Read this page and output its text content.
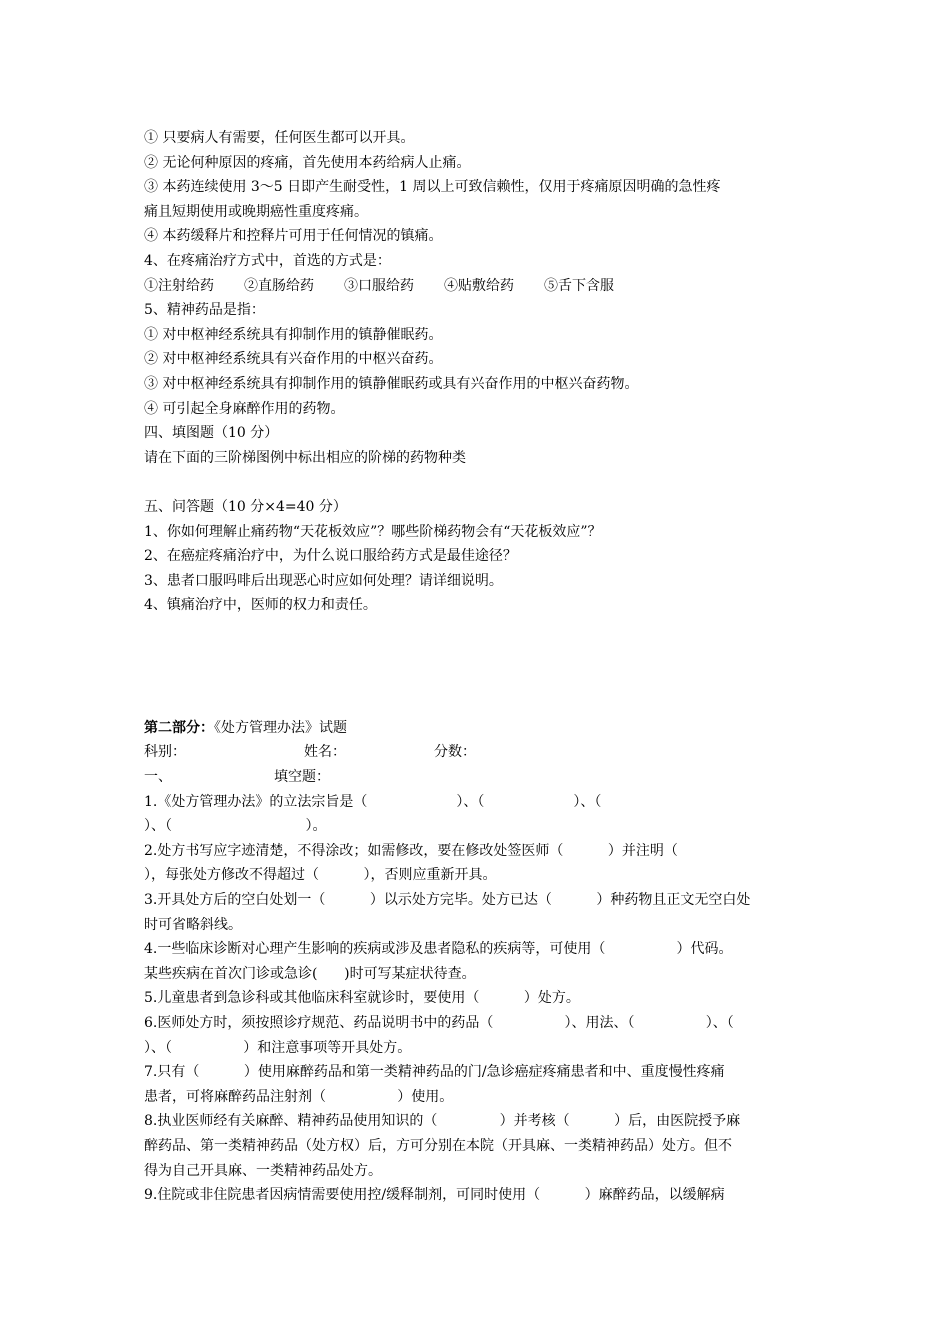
① 只要病人有需要，任何医生都可以开具。
② 无论何种原因的疼痛，首先使用本药给病人止痛。
③ 本药连续使用 3～5 日即产生耐受性，1 周以上可致信赖性，仅用于疼痛原因明确的急性疼
痛且短期使用或晚期癌性重度疼痛。
④ 本药缓释片和控释片可用于任何情况的镇痛。
4、在疼痛治疗方式中，首选的方式是：
①注射给药 ②直肠给药 ③口服给药 ④贴敷给药 ⑤舌下含服
5、精神药品是指：
① 对中枢神经系统具有抑制作用的镇静催眠药。
② 对中枢神经系统具有兴奋作用的中枢兴奋药。
③ 对中枢神经系统具有抑制作用的镇静催眠药或具有兴奋作用的中枢兴奋药物。
④ 可引起全身麻醉作用的药物。
四、填图题（10 分）
请在下面的三阶梯图例中标出相应的阶梯的药物种类
五、问答题（10 分×4=40 分）
1、你如何理解止痛药物“天花板效应”？哪些阶梯药物会有“天花板效应”？
2、在癌症疼痛治疗中，为什么说口服给药方式是最佳途径？
3、患者口服吗啡后出现恶心时应如何处理？请详细说明。
4、镇痛治疗中，医师的权力和责任。
第二部分：《处方管理办法》试题
科别：	姓名：	分数：
一、	填空题：
1.《处方管理办法》的立法宗旨是（                    ）、（                    ）、（
）、（                              ）。
2.处方书写应字迹清楚，不得涂改；如需修改，要在修改处签医师（          ）并注明（
），每张处方修改不得超过（          ），否则应重新开具。
3.开具处方后的空白处划一（          ）以示处方完毕。处方已达（          ）种药物且正文无空白处
时可省略斜线。
4.一些临床诊断对心理产生影响的疾病或涉及患者隐私的疾病等，可使用（                ）代码。
某些疾病在首次门诊或急诊(      )时可写某症状待查。
5.儿童患者到急诊科或其他临床科室就诊时，要使用（          ）处方。
6.医师处方时，须按照诊疗规范、药品说明书中的药品（                ）、用法、（                ）、（
）、（                ）和注意事项等开具处方。
7.只有（          ）使用麻醉药品和第一类精神药品的门/急诊癌症疼痛患者和中、重度慢性疼痛
患者，可将麻醉药品注射剂（                ）使用。
8.执业医师经有关麻醉、精神药品使用知识的（              ）并考核（          ）后，由医院授予麻
醉药品、第一类精神药品（处方权）后，方可分别在本院（开具麻、一类精神药品）处方。但不
得为自己开具麻、一类精神药品处方。
9.住院或非住院患者因病情需要使用控/缓释制剂，可同时使用（          ）麻醉药品，以缓解病
